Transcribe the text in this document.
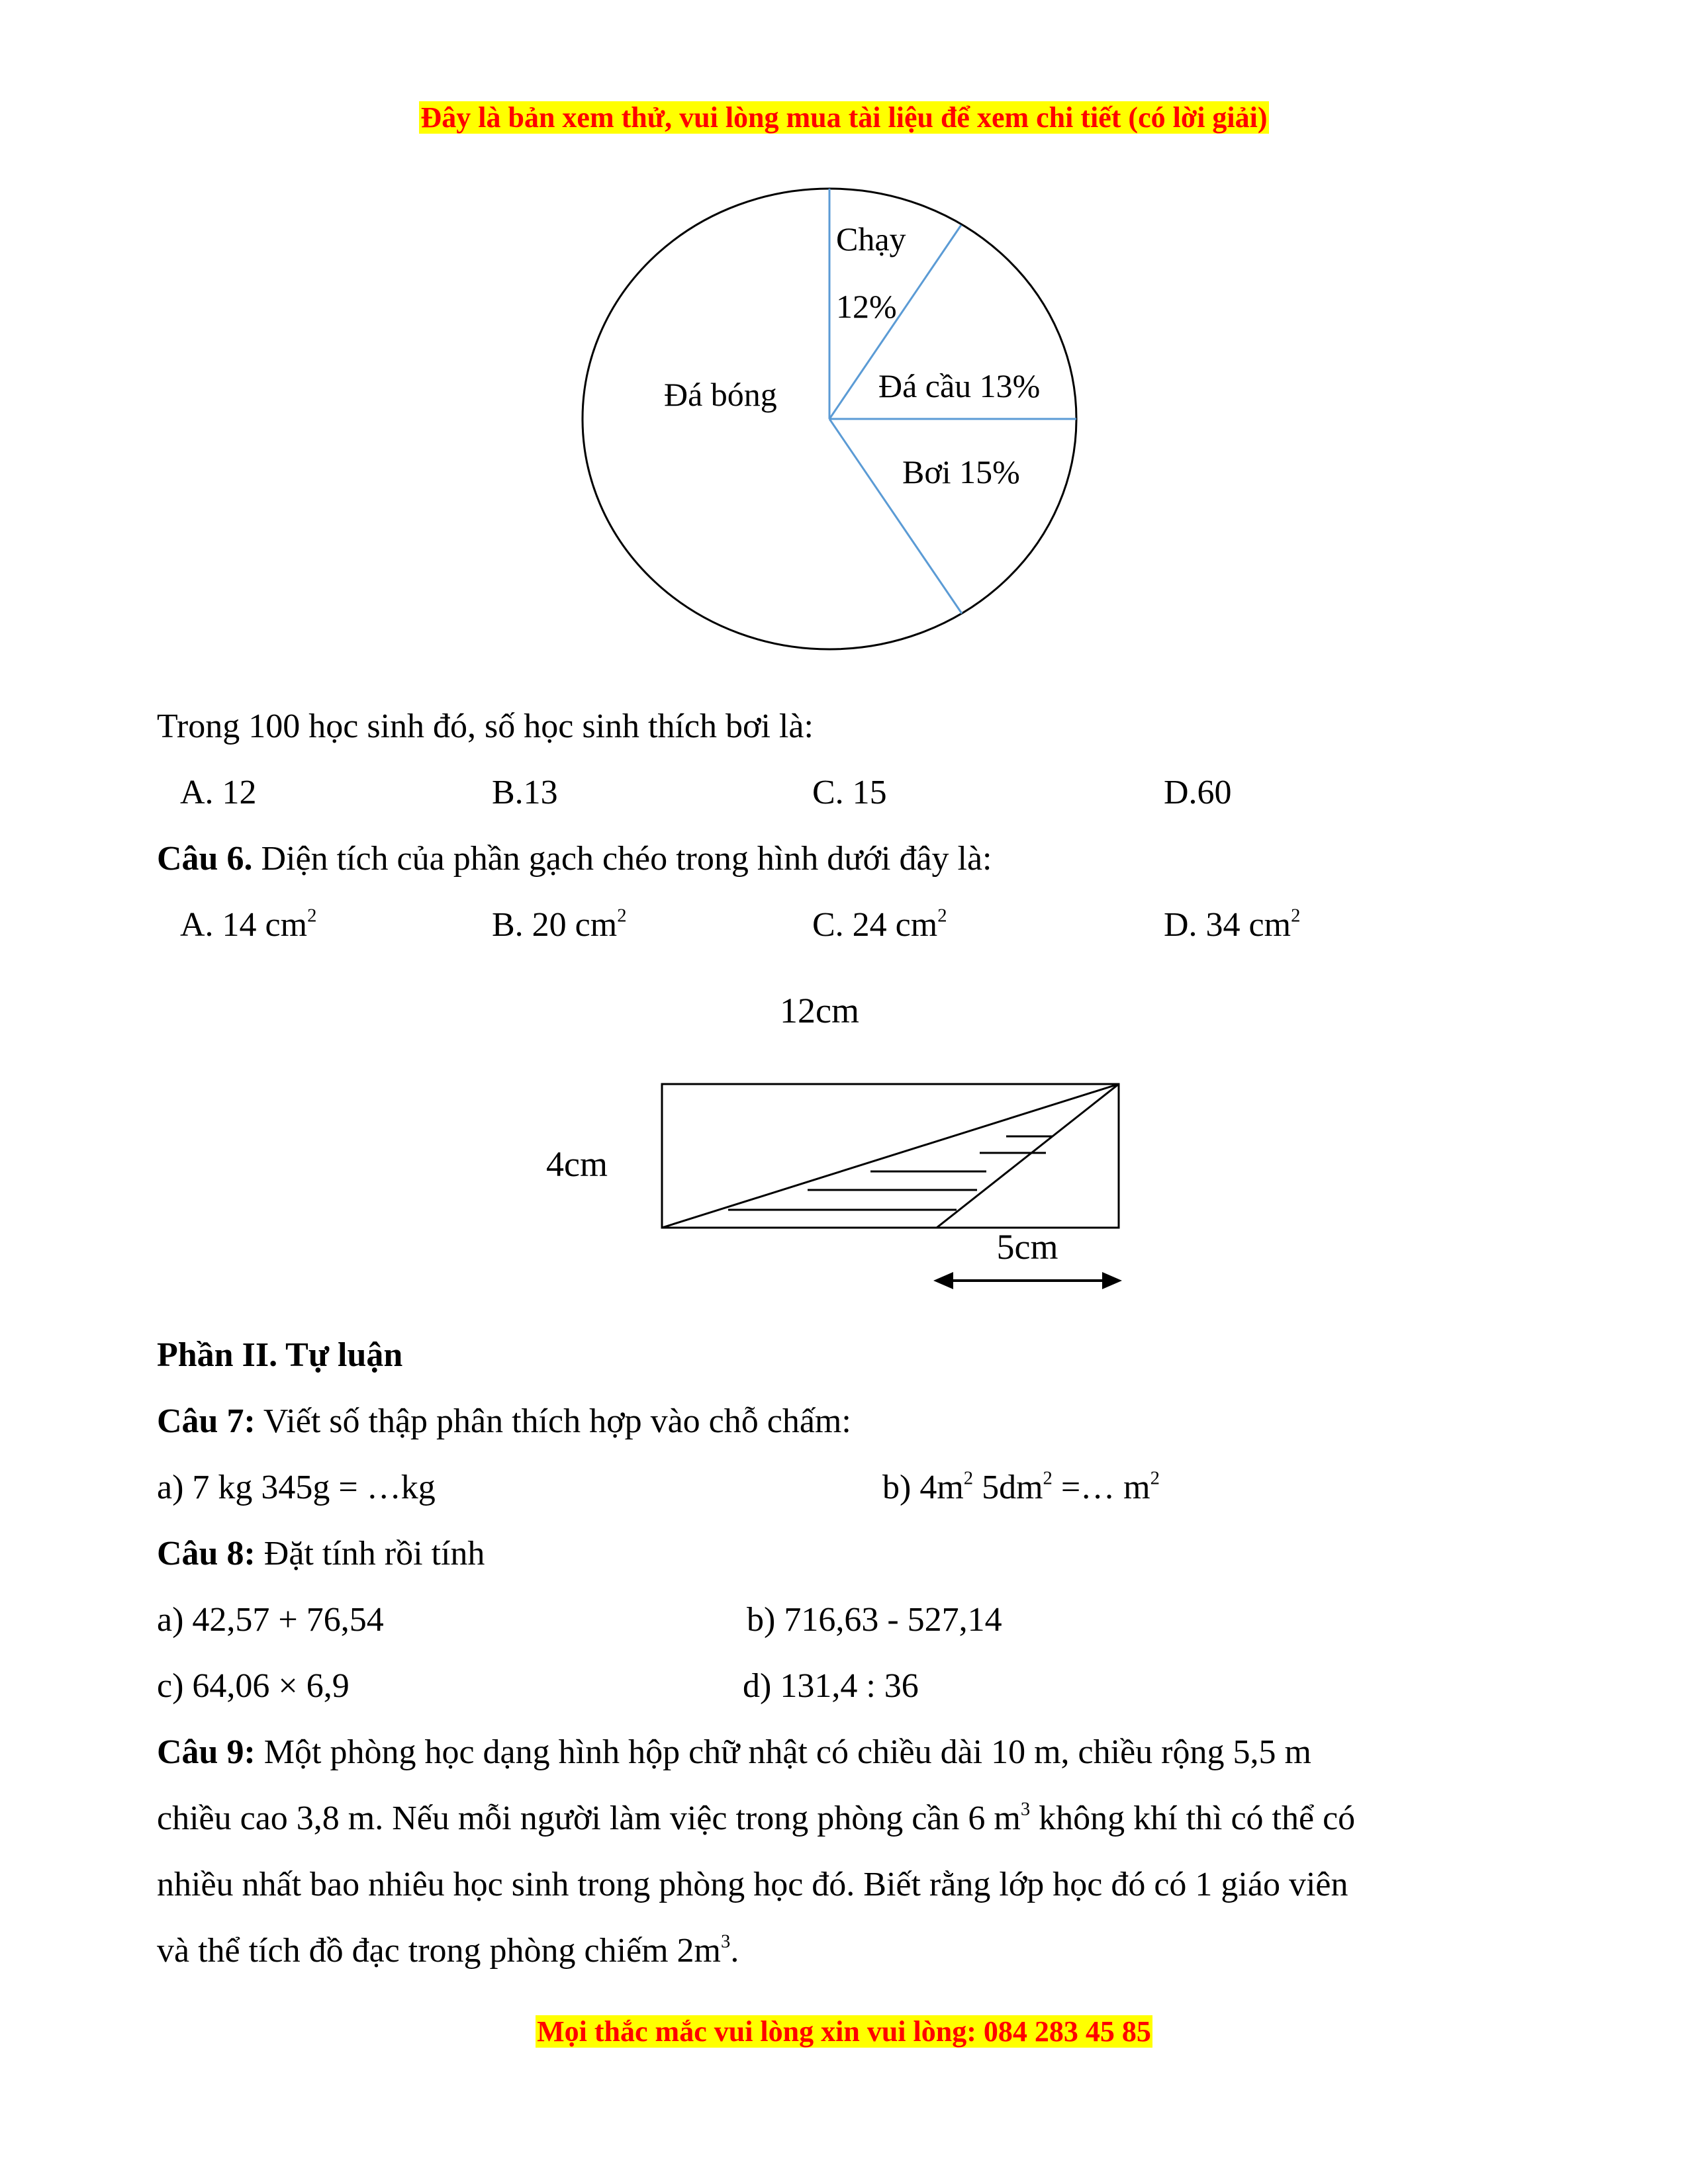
Đây là bản xem thử, vui lòng mua tài liệu để xem chi tiết (có lời giải)
Chạy
12%
Đá cầu 13%
Bơi 15%
Đá bóng
Trong 100 học sinh đó, số học sinh thích bơi là:
A. 12	B.13	C. 15	D.60
Câu 6. Diện tích của phần gạch chéo trong hình dưới đây là:
A. 14 $cm^2$	B. 20 $cm^2$	C. 24 $cm^2$	D. 34 $cm^2$
12cm
4cm
5cm
Phần II. Tự luận
Câu 7: Viết số thập phân thích hợp vào chỗ chấm:
a) 7 kg 345g = …kg	b) $4m^2$ $5dm^2$ =… $m^2$
Câu 8: Đặt tính rồi tính
a) 42,57 + 76,54	b) 716,63 - 527,14
c) 64,06 × 6,9	d) 131,4 : 36
Câu 9: Một phòng học dạng hình hộp chữ nhật có chiều dài 10 m, chiều rộng 5,5 m
chiều cao 3,8 m. Nếu mỗi người làm việc trong phòng cần 6 $m^3$ không khí thì có thể có
nhiều nhất bao nhiêu học sinh trong phòng học đó. Biết rằng lớp học đó có 1 giáo viên
và thể tích đồ đạc trong phòng chiếm $2m^3$.
Mọi thắc mắc vui lòng xin vui lòng: 084 283 45 85
